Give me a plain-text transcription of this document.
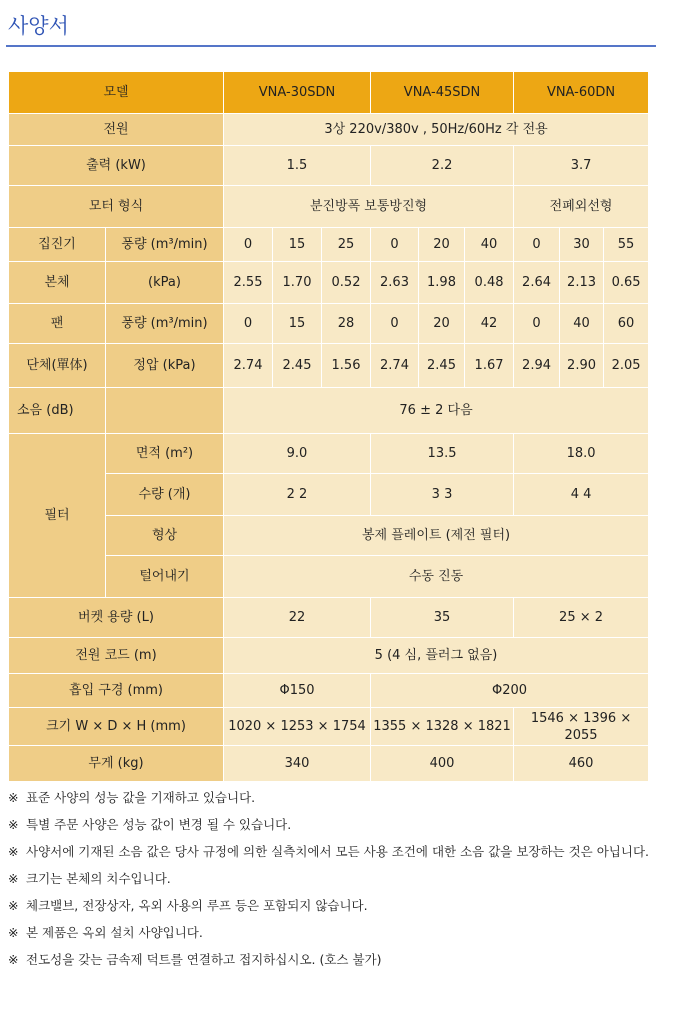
사양서
모델		VNA-30SDN			VNA-45SDN			VNA-60DN		
전원		3상 220v/380v , 50Hz/60Hz 각 전용								
출력 (kW)		1.5			2.2			3.7		
모터 형식		분진방폭 보통방진형						전폐외선형		
집진기	풍량 (m³/min)	0	15	25	0	20	40	0	30	55
본체	(kPa)	2.55	1.70	0.52	2.63	1.98	0.48	2.64	2.13	0.65
팬	풍량 (m³/min)	0	15	28	0	20	42	0	40	60
단체(單体)	정압 (kPa)	2.74	2.45	1.56	2.74	2.45	1.67	2.94	2.90	2.05
소음 (dB)		76 ± 2 다음								
필터	면적 (m²)	9.0			13.5			18.0		
	수량 (개)	2 2			3 3			4 4		
	형상	봉제 플레이트 (제전 필터)								
	털어내기	수동 진동								
버켓 용량 (L)		22			35			25 × 2		
전원 코드 (m)		5 (4 심, 플러그 없음)								
흡입 구경 (mm)		Φ150			Φ200					
크기 W × D × H (mm)		1020 × 1253 × 1754			1355 × 1328 × 1821			1546 × 1396 × 2055		
무게 (kg)		340			400			460		
※ 표준 사양의 성능 값을 기재하고 있습니다.
※ 특별 주문 사양은 성능 값이 변경 될 수 있습니다.
※ 사양서에 기재된 소음 값은 당사 규정에 의한 실측치에서 모든 사용 조건에 대한 소음 값을 보장하는 것은 아닙니다.
※ 크기는 본체의 치수입니다.
※ 체크밸브, 전장상자, 옥외 사용의 루프 등은 포함되지 않습니다.
※ 본 제품은 옥외 설치 사양입니다.
※ 전도성을 갖는 금속제 덕트를 연결하고 접지하십시오. (호스 불가)
